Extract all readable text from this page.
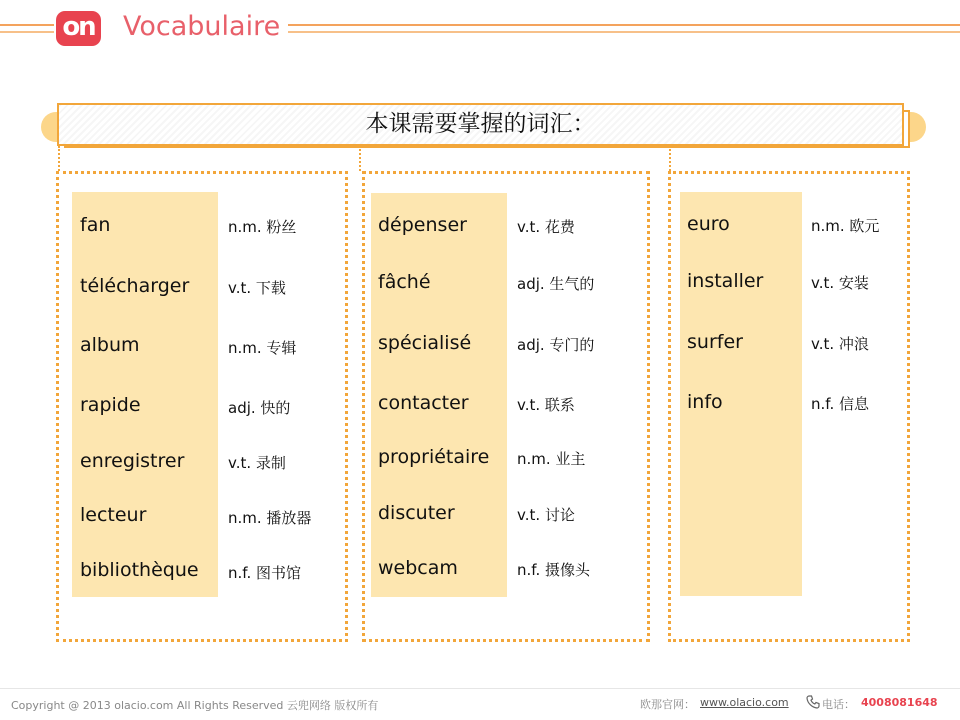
on Vocabulaire
本课需要掌握的词汇：
fan	n.m. 粉丝
télécharger	v.t. 下载
album	n.m. 专辑
rapide	adj. 快的
enregistrer	v.t. 录制
lecteur	n.m. 播放器
bibliothèque n.f. 图书馆
dépenser	v.t. 花费
fâché	adj. 生气的
spécialisé	adj. 专门的
contacter	v.t. 联系
propriétaire n.m. 业主
discuter	v.t. 讨论
webcam	n.f. 摄像头
euro	n.m. 欧元
installer	v.t. 安装
surfer	v.t. 冲浪
info	n.f. 信息
Copyright @ 2013 olacio.com All Rights Reserved 云兜网络 版权所有	欧那官网： www.olacio.com	电话： 4008081648
